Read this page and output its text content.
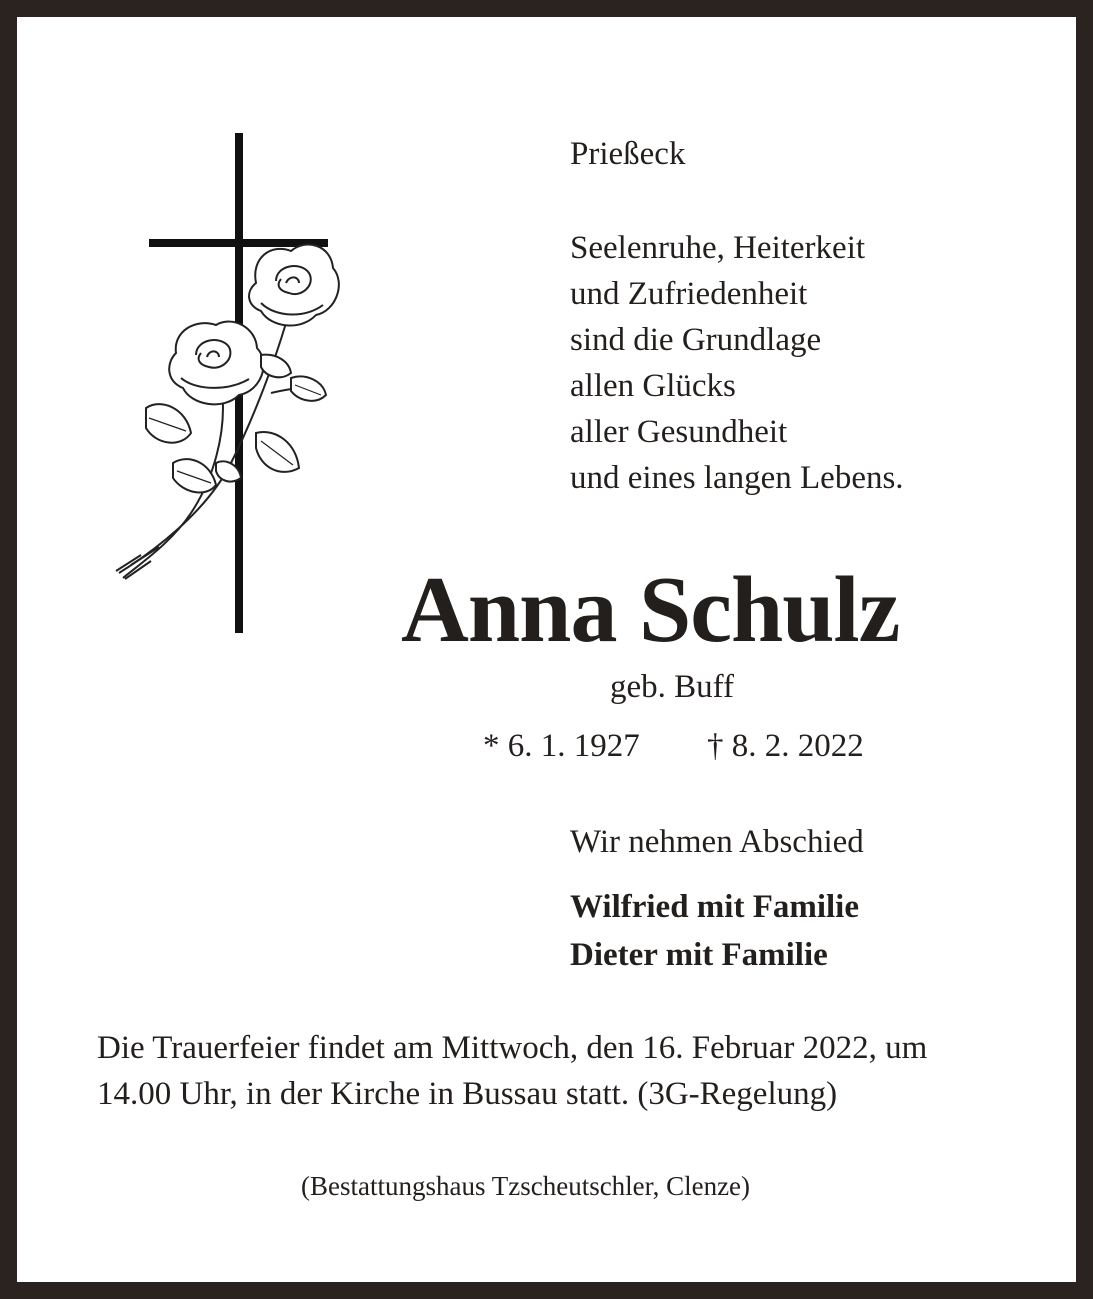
Prießeck
Seelenruhe, Heiterkeit
und Zufriedenheit
sind die Grundlage
allen Glücks
aller Gesundheit
und eines langen Lebens.
Anna Schulz
geb. Buff
* 6. 1. 1927 † 8. 2. 2022
Wir nehmen Abschied
Wilfried mit Familie
Dieter mit Familie
Die Trauerfeier findet am Mittwoch, den 16. Februar 2022, um
14.00 Uhr, in der Kirche in Bussau statt. (3G-Regelung)
(Bestattungshaus Tzscheutschler, Clenze)
